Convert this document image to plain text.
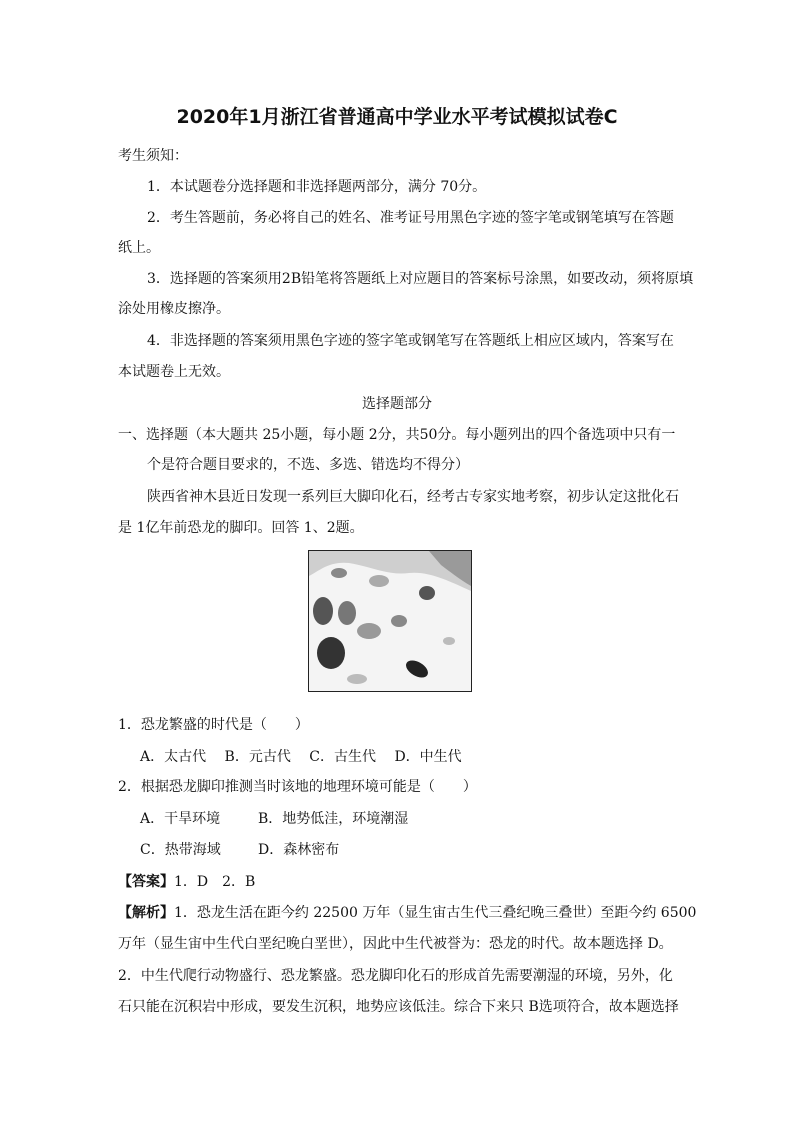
2020年1月浙江省普通高中学业水平考试模拟试卷C
考生须知：
1．本试题卷分选择题和非选择题两部分，满分 70分。
2．考生答题前，务必将自己的姓名、准考证号用黑色字迹的签字笔或钢笔填写在答题
纸上。
3．选择题的答案须用2B铅笔将答题纸上对应题目的答案标号涂黑，如要改动，须将原填
涂处用橡皮擦净。
4．非选择题的答案须用黑色字迹的签字笔或钢笔写在答题纸上相应区域内，答案写在
本试题卷上无效。
选择题部分
一、选择题（本大题共 25小题，每小题 2分，共50分。每小题列出的四个备选项中只有一
个是符合题目要求的，不选、多选、错选均不得分）
陕西省神木县近日发现一系列巨大脚印化石，经考古专家实地考察，初步认定这批化石
是 1亿年前恐龙的脚印。回答 1、2题。
1．恐龙繁盛的时代是（　　）
A．太古代　 B．元古代　 C．古生代　 D．中生代
2．根据恐龙脚印推测当时该地的地理环境可能是（　　）
A．干旱环境	B．地势低洼，环境潮湿
C．热带海域	D．森林密布
【答案】1．D　2．B
【解析】1．恐龙生活在距今约 22500 万年（显生宙古生代三叠纪晚三叠世）至距今约 6500
万年（显生宙中生代白垩纪晚白垩世），因此中生代被誉为：恐龙的时代。故本题选择 D。
2．中生代爬行动物盛行、恐龙繁盛。恐龙脚印化石的形成首先需要潮湿的环境，另外，化
石只能在沉积岩中形成，要发生沉积，地势应该低洼。综合下来只 B选项符合，故本题选择
